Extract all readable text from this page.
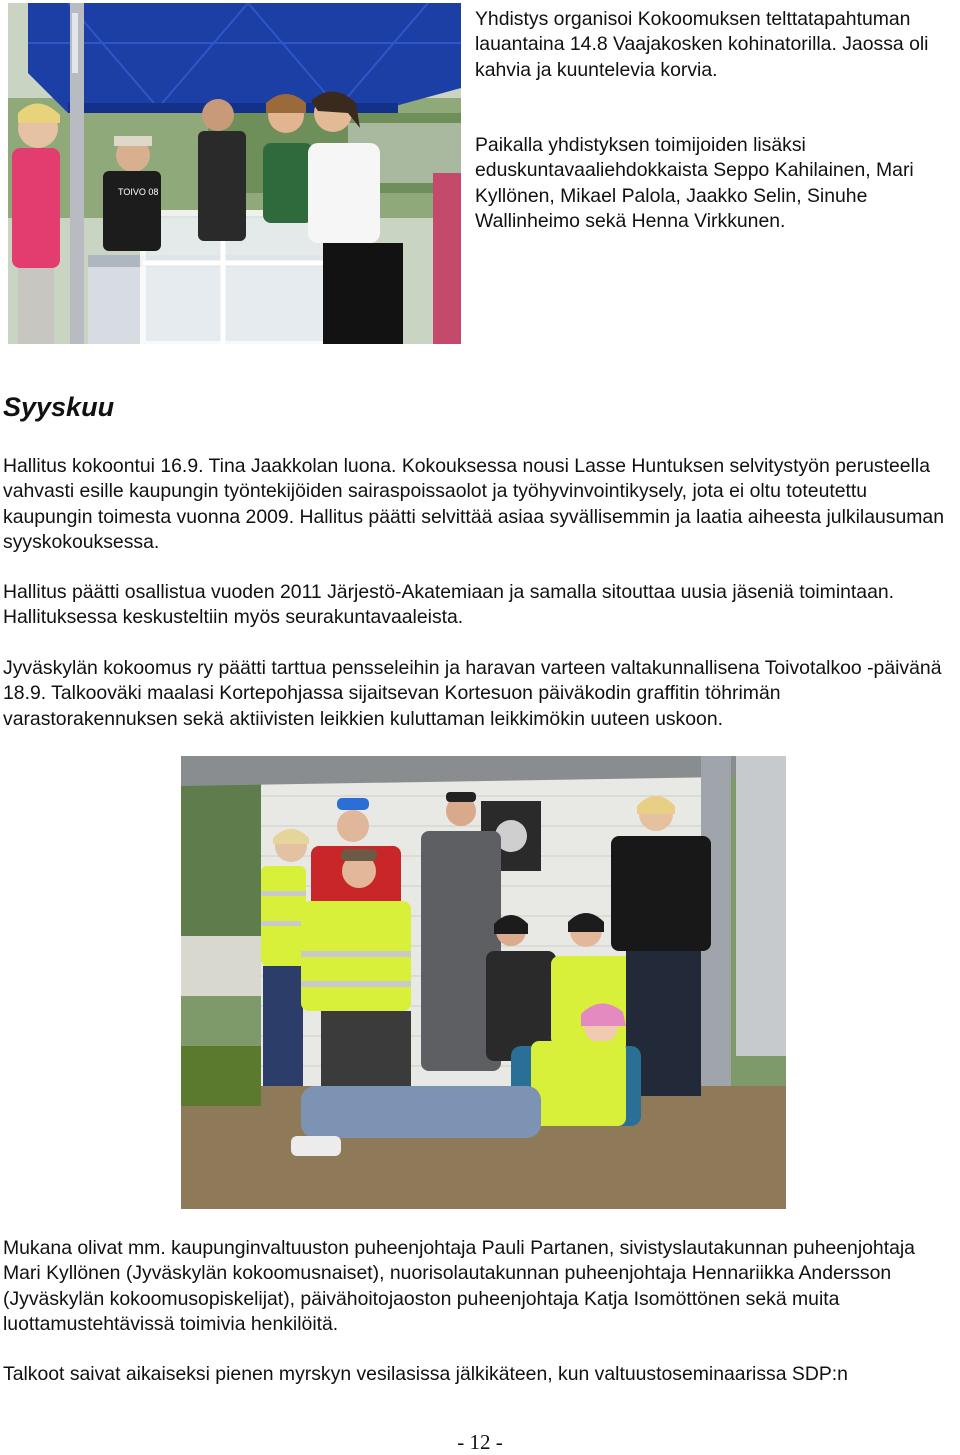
TOIVO 08

Yhdistys organisoi Kokoomuksen telttatapahtuman lauantaina 14.8 Vaajakosken kohinatorilla. Jaossa oli kahvia ja kuuntelevia korvia.

Paikalla yhdistyksen toimijoiden lisäksi eduskuntavaaliehdokkaista Seppo Kahilainen, Mari Kyllönen, Mikael Palola, Jaakko Selin, Sinuhe Wallinheimo sekä Henna Virkkunen.

Syyskuu

Hallitus kokoontui 16.9. Tina Jaakkolan luona. Kokouksessa nousi Lasse Huntuksen selvitystyön perusteella vahvasti esille kaupungin työntekijöiden sairaspoissaolot ja työhyvinvointikysely, jota ei oltu toteutettu kaupungin toimesta vuonna 2009. Hallitus päätti selvittää asiaa syvällisemmin ja laatia aiheesta julkilausuman syyskokouksessa.

Hallitus päätti osallistua vuoden 2011 Järjestö-Akatemiaan ja samalla sitouttaa uusia jäseniä toimintaan. Hallituksessa keskusteltiin myös seurakuntavaaleista.

Jyväskylän kokoomus ry päätti tarttua pensseleihin ja haravan varteen valtakunnallisena Toivotalkoo -päivänä 18.9. Talkooväki maalasi Kortepohjassa sijaitsevan Kortesuon päiväkodin graffitin töhrimän varastorakennuksen sekä aktiivisten leikkien kuluttaman leikkimökin uuteen uskoon.

Mukana olivat mm. kaupunginvaltuuston puheenjohtaja Pauli Partanen, sivistyslautakunnan puheenjohtaja Mari Kyllönen (Jyväskylän kokoomusnaiset), nuorisolautakunnan puheenjohtaja Hennariikka Andersson (Jyväskylän kokoomusopiskelijat), päivähoitojaoston puheenjohtaja Katja Isomöttönen sekä muita luottamustehtävissä toimivia henkilöitä.

Talkoot saivat aikaiseksi pienen myrskyn vesilasissa jälkikäteen, kun valtuustoseminaarissa SDP:n

- 12 -
